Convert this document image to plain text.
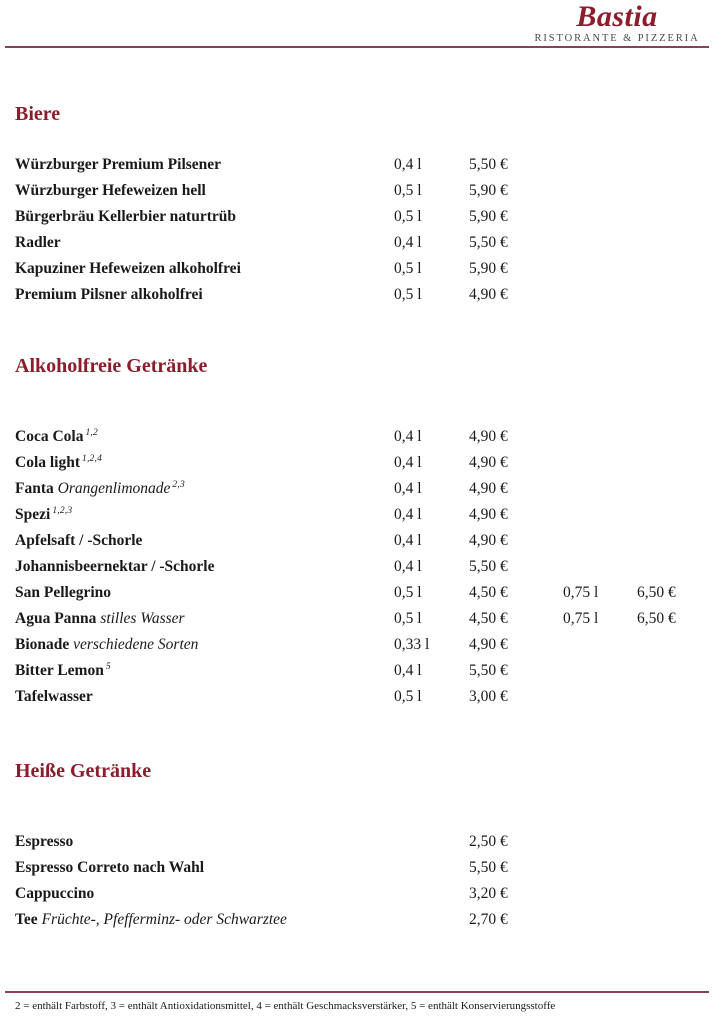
Bastia
RISTORANTE & PIZZERIA
Biere
Würzburger Premium Pilsener	0,4 l	5,50 €
Würzburger Hefeweizen hell	0,5 l	5,90 €
Bürgerbräu Kellerbier naturtrüb	0,5 l	5,90 €
Radler	0,4 l	5,50 €
Kapuziner Hefeweizen alkoholfrei	0,5 l	5,90 €
Premium Pilsner alkoholfrei	0,5 l	4,90 €
Alkoholfreie Getränke
Coca Cola $^{1,2}$	0,4 l	4,90 €
Cola light $^{1,2,4}$	0,4 l	4,90 €
Fanta Orangenlimonade $^{2,3}$	0,4 l	4,90 €
Spezi $^{1,2,3}$	0,4 l	4,90 €
Apfelsaft / -Schorle	0,4 l	4,90 €
Johannisbeernektar / -Schorle	0,4 l	5,50 €
San Pellegrino	0,5 l	4,50 €	0,75 l 6,50 €
Agua Panna stilles Wasser	0,5 l	4,50 €	0,75 l 6,50 €
Bionade verschiedene Sorten	0,33 l	4,90 €
Bitter Lemon $^5$	0,4 l	5,50 €
Tafelwasser	0,5 l	3,00 €
Heiße Getränke
Espresso	2,50 €
Espresso Correto nach Wahl	5,50 €
Cappuccino	3,20 €
Tee Früchte-, Pfefferminz- oder Schwarztee	2,70 €
2 = enthält Farbstoff, 3 = enthält Antioxidationsmittel, 4 = enthält Geschmacksverstärker, 5 = enthält Konservierungsstoffe
